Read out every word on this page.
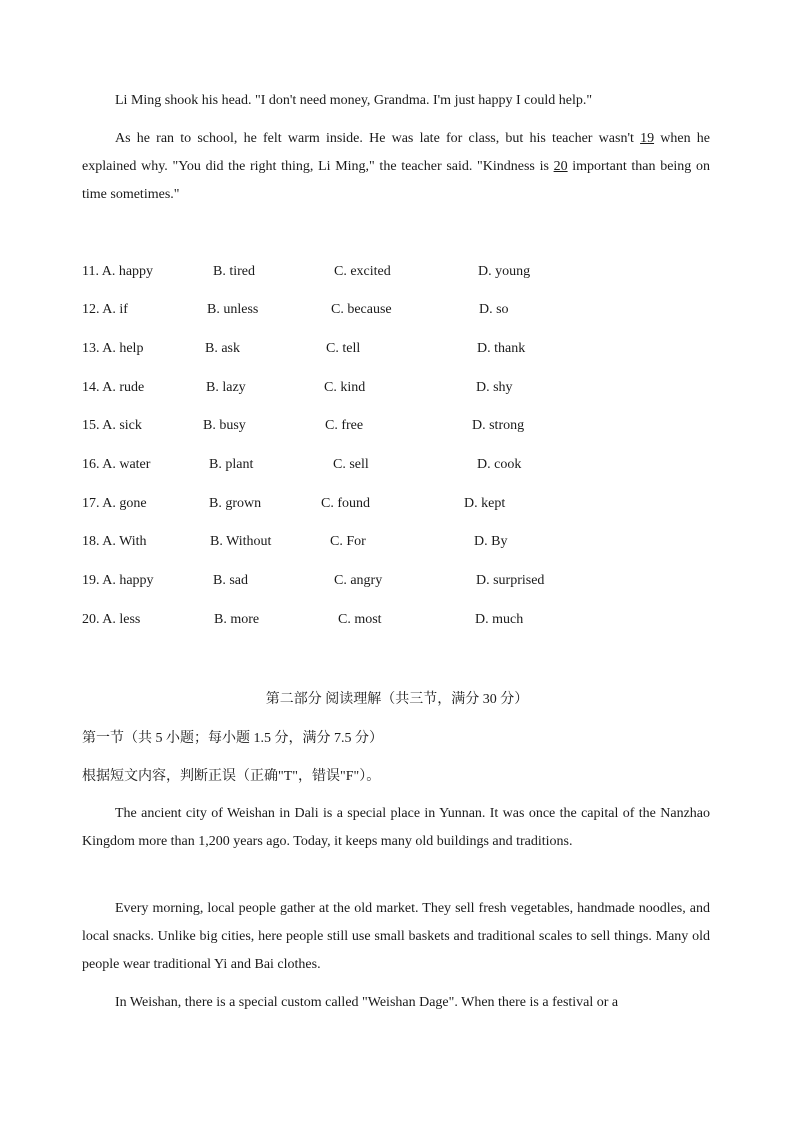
Li Ming shook his head. "I don't need money, Grandma. I'm just happy I could help."
As he ran to school, he felt warm inside. He was late for class, but his teacher wasn't 19 when he explained why. "You did the right thing, Li Ming," the teacher said. "Kindness is 20 important than being on time sometimes."
11. A. happy	B. tired	C. excited	D. young
12. A. if	B. unless	C. because	D. so
13. A. help	B. ask	C. tell	D. thank
14. A. rude	B. lazy	C. kind	D. shy
15. A. sick	B. busy	C. free	D. strong
16. A. water	B. plant	C. sell	D. cook
17. A. gone	B. grown	C. found	D. kept
18. A. With	B. Without	C. For	D. By
19. A. happy	B. sad	C. angry	D. surprised
20. A. less	B. more	C. most	D. much
第二部分 阅读理解（共三节，满分 30 分）
第一节（共 5 小题；每小题 1.5 分，满分 7.5 分）
根据短文内容，判断正误（正确"T"，错误"F"）。
The ancient city of Weishan in Dali is a special place in Yunnan. It was once the capital of the Nanzhao Kingdom more than 1,200 years ago. Today, it keeps many old buildings and traditions.
Every morning, local people gather at the old market. They sell fresh vegetables, handmade noodles, and local snacks. Unlike big cities, here people still use small baskets and traditional scales to sell things. Many old people wear traditional Yi and Bai clothes.
In Weishan, there is a special custom called "Weishan Dage". When there is a festival or a
